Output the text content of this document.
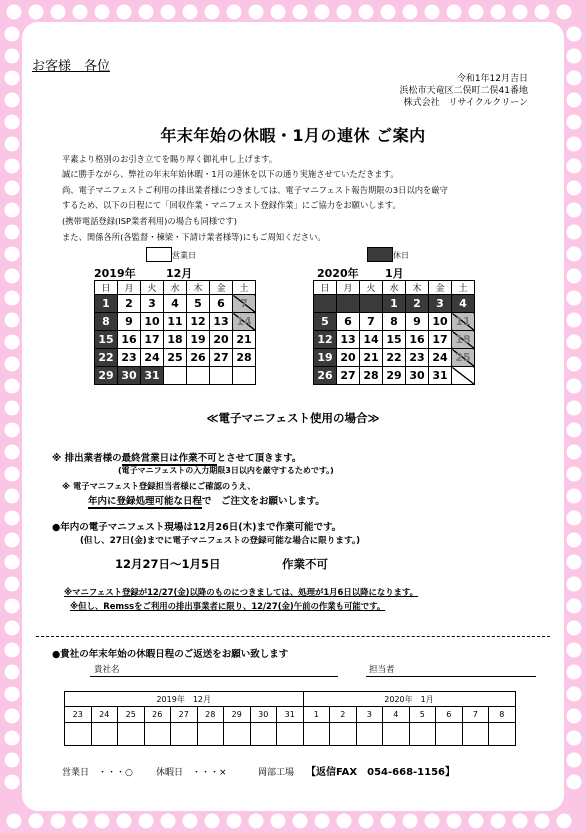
お客様　各位
令和1年12月吉日
浜松市天竜区二俣町二俣41番地
株式会社　リサイクルクリーン
年末年始の休暇・1月の連休 ご案内
平素より格別のお引き立てを賜り厚く御礼申し上げます。
誠に勝手ながら、弊社の年末年始休暇・1月の連休を以下の通り実施させていただきます。
尚、電子マニフェストご利用の排出業者様につきましては、電子マニフェスト報告期限の3日以内を厳守
するため、以下の日程にて「回収作業・マニフェスト登録作業」にご協力をお願いします。
(携帯電話登録(ISP業者利用)の場合も同様です)
また、関係各所(各監督・棟梁・下請け業者様等)にもご周知ください。
営業日	休日
2019年	12月	2020年 1月
日	月	火	水	木	金	土
1	2	3	4	5	6	7
8	9	10	11	12	13	14
15	16	17	18	19	20	21
22	23	24	25	26	27	28
29	30	31				
日	月	火	水	木	金	土
			1	2	3	4
5	6	7	8	9	10	11
12	13	14	15	16	17	18
19	20	21	22	23	24	25
26	27	28	29	30	31	
≪電子マニフェスト使用の場合≫
※ 排出業者様の最終営業日は作業不可とさせて頂きます。
(電子マニフェストの入力期限3日以内を厳守するためです。)
※ 電子マニフェスト登録担当者様にご確認のうえ、
年内に登録処理可能な日程で　ご注文をお願いします。
●年内の電子マニフェスト現場は12月26日(木)まで作業可能です。
(但し、27日(金)までに電子マニフェストの登録可能な場合に限ります。)
12月27日～1月5日	作業不可
※マニフェスト登録が12/27(金)以降のものにつきましては、処理が1月6日以降になります。
※但し、Remssをご利用の排出事業者に限り、12/27(金)午前の作業も可能です。
●貴社の年末年始の休暇日程のご返送をお願い致します
貴社名	担当者
2019年　12月									2020年　1月							
23	24	25	26	27	28	29	30	31	1	2	3	4	5	6	7	8

営業日　・・・○	休暇日　・・・×	岡部工場 【返信FAX　054-668-1156】
